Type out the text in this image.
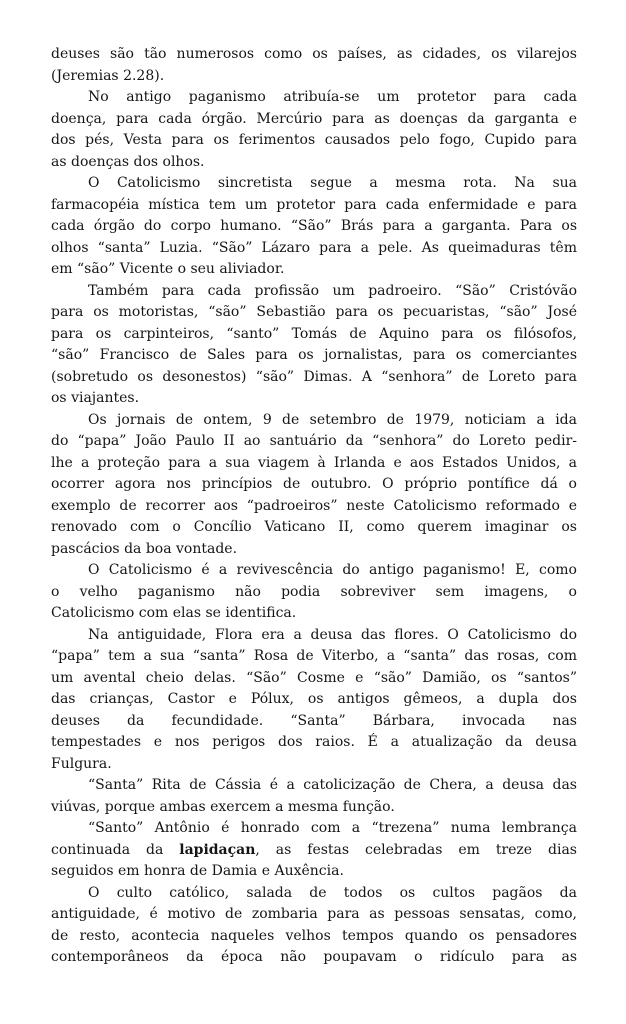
deuses são tão numerosos como os países, as cidades, os vilarejos
(Jeremias 2.28).
No antigo paganismo atribuía-se um protetor para cada
doença, para cada órgão. Mercúrio para as doenças da garganta e
dos pés, Vesta para os ferimentos causados pelo fogo, Cupido para
as doenças dos olhos.
O Catolicismo sincretista segue a mesma rota. Na sua
farmacopéia mística tem um protetor para cada enfermidade e para
cada órgão do corpo humano. “São” Brás para a garganta. Para os
olhos “santa” Luzia. “São” Lázaro para a pele. As queimaduras têm
em “são” Vicente o seu aliviador.
Também para cada profissão um padroeiro. “São” Cristóvão
para os motoristas, “são” Sebastião para os pecuaristas, “são” José
para os carpinteiros, “santo” Tomás de Aquino para os filósofos,
“são” Francisco de Sales para os jornalistas, para os comerciantes
(sobretudo os desonestos) “são” Dimas. A “senhora” de Loreto para
os viajantes.
Os jornais de ontem, 9 de setembro de 1979, noticiam a ida
do “papa” João Paulo II ao santuário da “senhora” do Loreto pedir-
lhe a proteção para a sua viagem à Irlanda e aos Estados Unidos, a
ocorrer agora nos princípios de outubro. O próprio pontífice dá o
exemplo de recorrer aos “padroeiros” neste Catolicismo reformado e
renovado com o Concílio Vaticano II, como querem imaginar os
pascácios da boa vontade.
O Catolicismo é a revivescência do antigo paganismo! E, como
o velho paganismo não podia sobreviver sem imagens, o
Catolicismo com elas se identifica.
Na antiguidade, Flora era a deusa das flores. O Catolicismo do
“papa” tem a sua “santa” Rosa de Viterbo, a “santa” das rosas, com
um avental cheio delas. “São” Cosme e “são” Damião, os “santos”
das crianças, Castor e Pólux, os antigos gêmeos, a dupla dos
deuses da fecundidade. “Santa” Bárbara, invocada nas
tempestades e nos perigos dos raios. É a atualização da deusa
Fulgura.
“Santa” Rita de Cássia é a catolicização de Chera, a deusa das
viúvas, porque ambas exercem a mesma função.
“Santo” Antônio é honrado com a “trezena” numa lembrança
continuada da lapidaçan, as festas celebradas em treze dias
seguidos em honra de Damia e Auxência.
O culto católico, salada de todos os cultos pagãos da
antiguidade, é motivo de zombaria para as pessoas sensatas, como,
de resto, acontecia naqueles velhos tempos quando os pensadores
contemporâneos da época não poupavam o ridículo para as
